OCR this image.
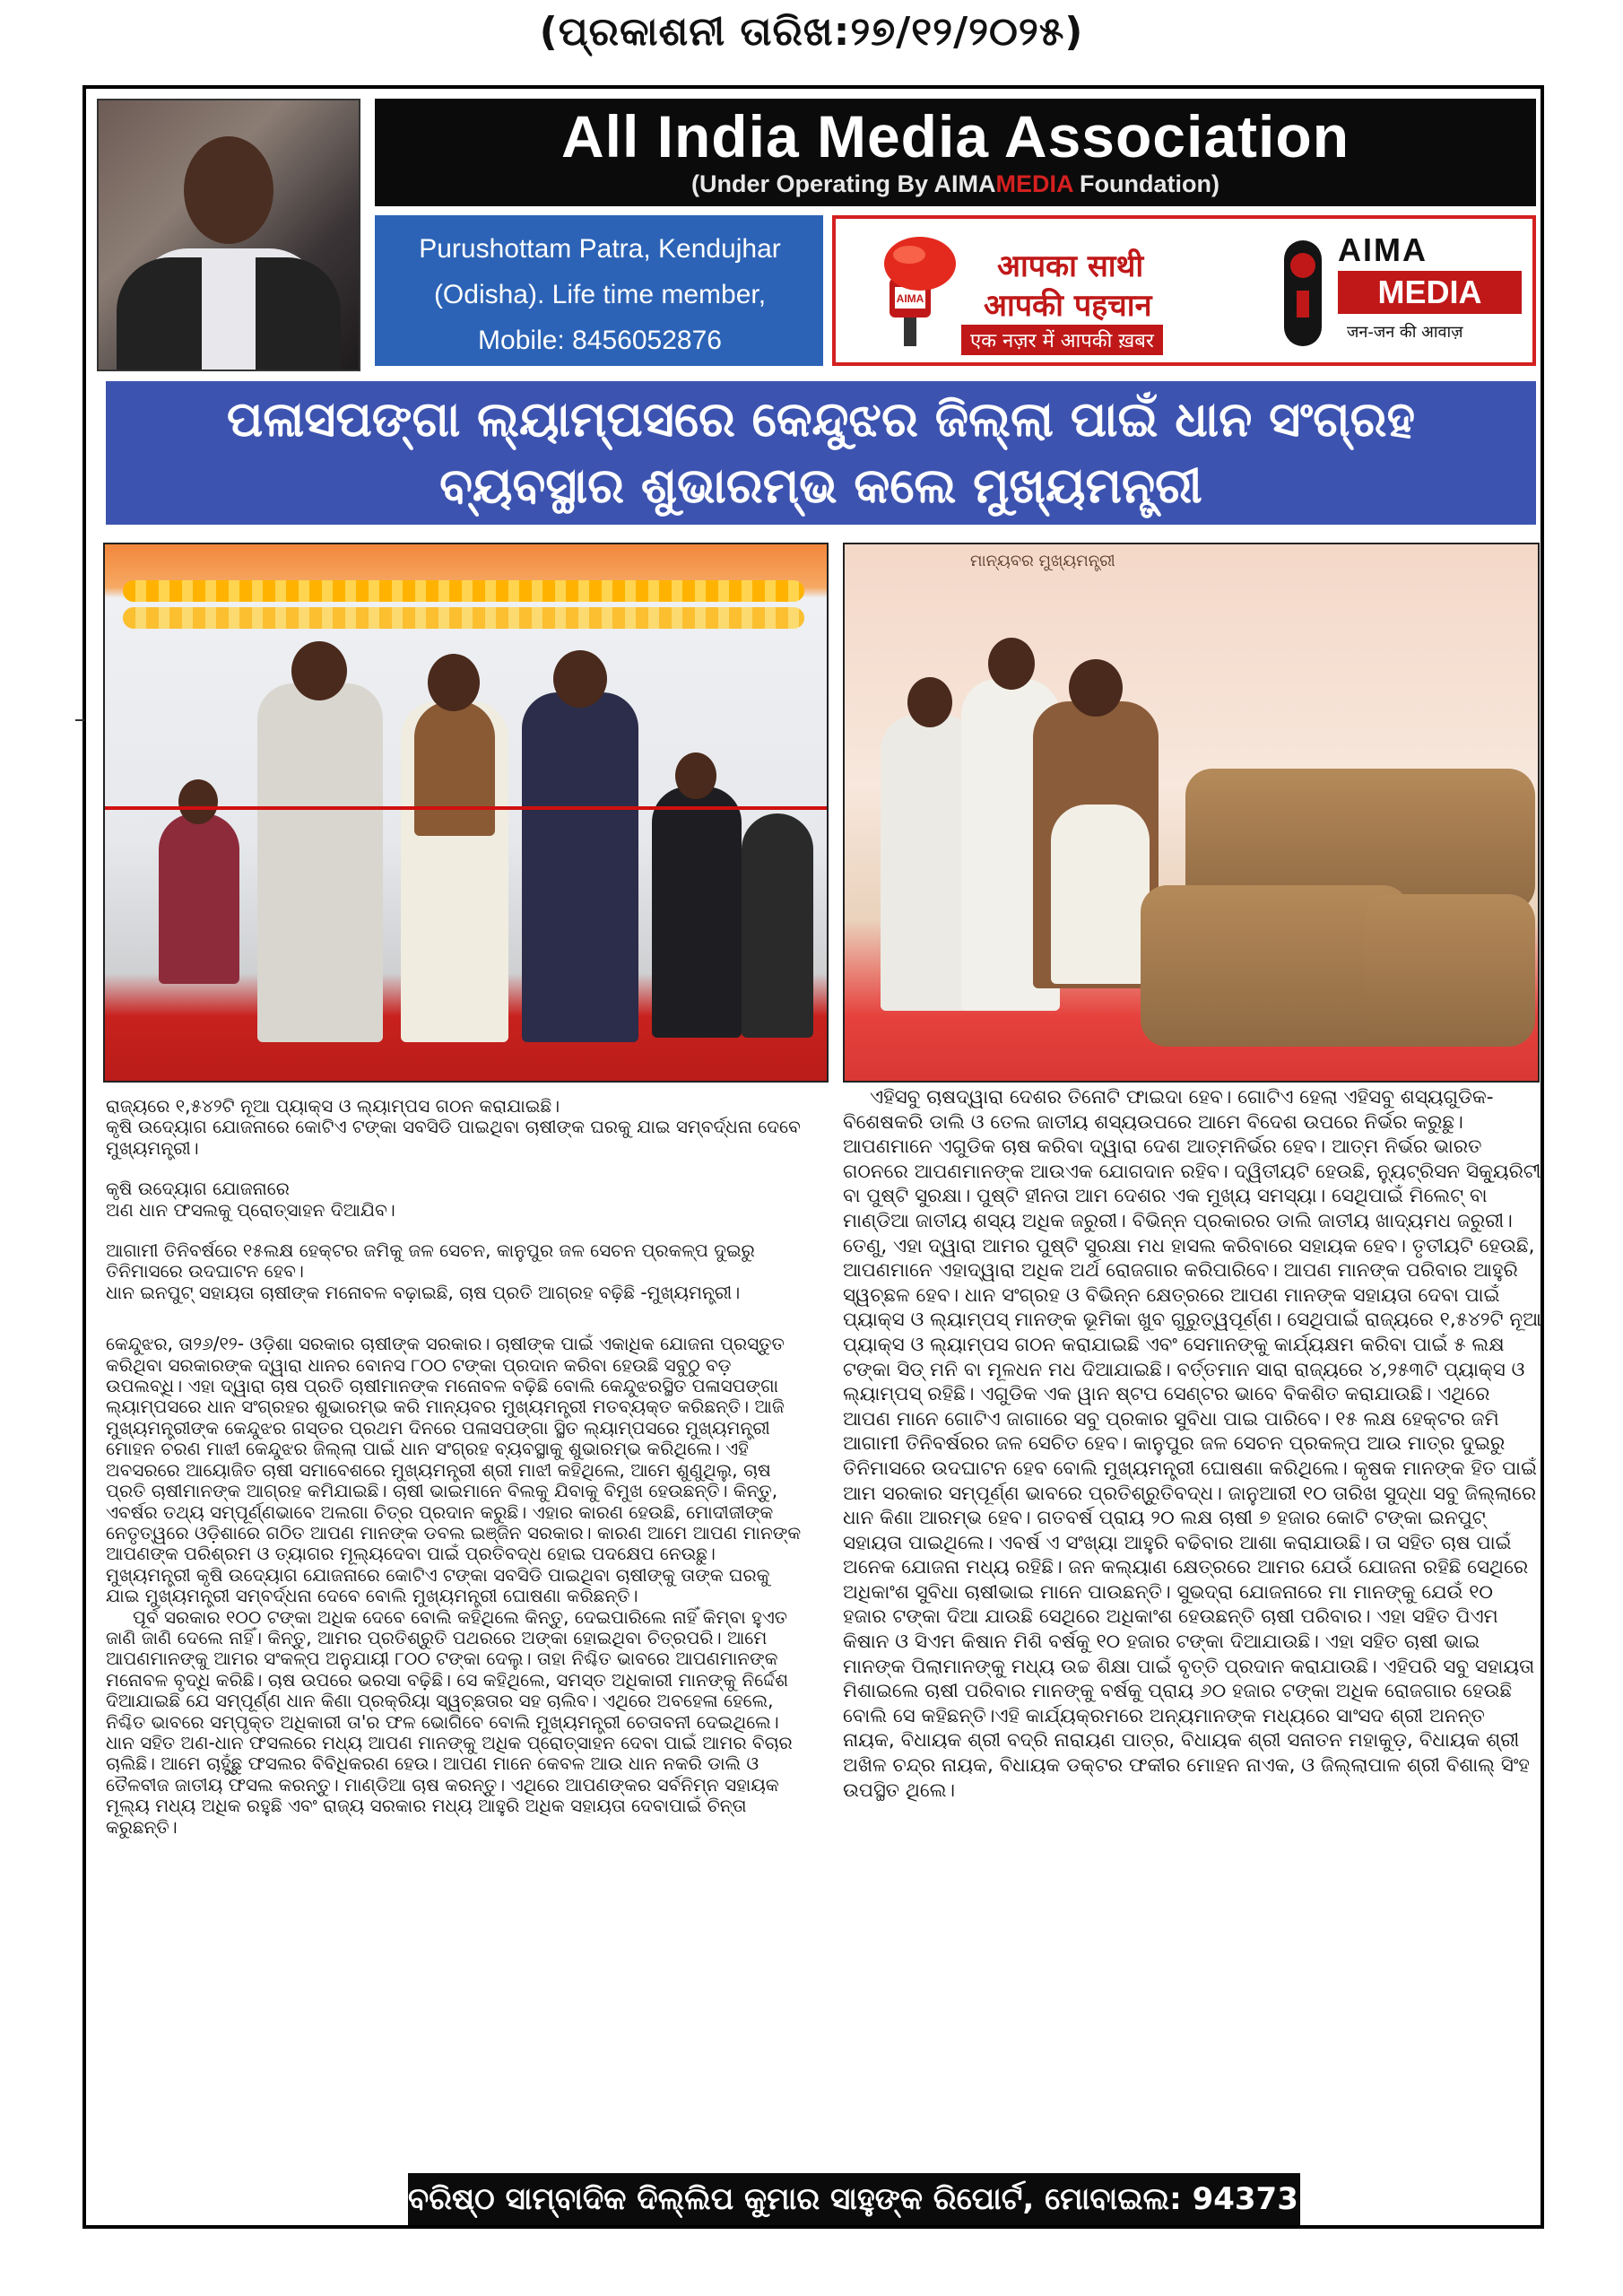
(ପ୍ରକାଶନୀ ତାରିଖ:୨୭/୧୨/୨୦୨୫)
All India Media Association
(Under Operating By AIMAMEDIA Foundation)
Purushottam Patra, Kendujhar
(Odisha). Life time member,
Mobile: 8456052876
AIMA
आपका साथी
आपकी पहचान
एक नज़र में आपकी ख़बर
AIMA
MEDIA
जन-जन की आवाज़
ପଳାସପଙ୍ଗା ଲ୍ୟାମ୍ପସରେ କେନ୍ଦୁଝର ଜିଲ୍ଲା ପାଇଁ ଧାନ ସଂଗ୍ରହ
ବ୍ୟବସ୍ଥାର ଶୁଭାରମ୍ଭ କଲେ ମୁଖ୍ୟମନ୍ତ୍ରୀ
ମାନ୍ୟବର ମୁଖ୍ୟମନ୍ତ୍ରୀ

ରାଜ୍ୟରେ ୧,୫୪୨ଟି ନୂଆ ପ୍ୟାକ୍ସ ଓ ଲ୍ୟାମ୍ପସ ଗଠନ କରାଯାଇଛି।

କୃଷି ଉଦ୍ୟୋଗ ଯୋଜନାରେ କୋଟିଏ ଟଙ୍କା ସବସିଡି ପାଇଥିବା ଚାଷୀଙ୍କ ଘରକୁ ଯାଇ ସମ୍ବର୍ଦ୍ଧନା ଦେବେ ମୁଖ୍ୟମନ୍ତ୍ରୀ।

କୃଷି ଉଦ୍ୟୋଗ ଯୋଜନାରେ

ଅଣ ଧାନ ଫସଲକୁ ପ୍ରୋତ୍ସାହନ ଦିଆଯିବ।

ଆଗାମୀ ତିନିବର୍ଷରେ ୧୫ଲକ୍ଷ ହେକ୍ଟର ଜମିକୁ ଜଳ ସେଚନ, କାନୁପୁର ଜଳ ସେଚନ ପ୍ରକଳ୍ପ ଦୁଇରୁ ତିନିମାସରେ ଉଦଘାଟନ ହେବ।

ଧାନ ଇନପୁଟ୍ ସହାୟତା ଚାଷୀଙ୍କ ମନୋବଳ ବଢ଼ାଇଛି, ଚାଷ ପ୍ରତି ଆଗ୍ରହ ବଢ଼ିଛି -ମୁଖ୍ୟମନ୍ତ୍ରୀ।

କେନ୍ଦୁଝର, ତା୨୬/୧୨- ଓଡ଼ିଶା ସରକାର ଚାଷୀଙ୍କ ସରକାର। ଚାଷୀଙ୍କ ପାଇଁ ଏକାଧିକ ଯୋଜନା ପ୍ରସ୍ତୁତ କରିଥିବା ସରକାରଙ୍କ ଦ୍ୱାରା ଧାନର ବୋନସ ୮୦୦ ଟଙ୍କା ପ୍ରଦାନ କରିବା ହେଉଛି ସବୁଠୁ ବଡ଼ ଉପଲବ୍ଧି। ଏହା ଦ୍ୱାରା ଚାଷ ପ୍ରତି ଚାଷୀମାନଙ୍କ ମନୋବଳ ବଢ଼ିଛି ବୋଲି କେନ୍ଦୁଝରସ୍ଥିତ ପଳାସପଙ୍ଗା ଲ୍ୟାମ୍ପସରେ ଧାନ ସଂଗ୍ରହର ଶୁଭାରମ୍ଭ କରି ମାନ୍ୟବର ମୁଖ୍ୟମନ୍ତ୍ରୀ ମତବ୍ୟକ୍ତ କରିଛନ୍ତି। ଆଜି ମୁଖ୍ୟମନ୍ତ୍ରୀଙ୍କ କେନ୍ଦୁଝର ଗସ୍ତର ପ୍ରଥମ ଦିନରେ ପଳାସପଙ୍ଗା ସ୍ଥିତ ଲ୍ୟାମ୍ପସରେ ମୁଖ୍ୟମନ୍ତ୍ରୀ ମୋହନ ଚରଣ ମାଝୀ କେନ୍ଦୁଝର ଜିଲ୍ଲା ପାଇଁ ଧାନ ସଂଗ୍ରହ ବ୍ୟବସ୍ଥାକୁ ଶୁଭାରମ୍ଭ କରିଥିଲେ। ଏହି ଅବସରରେ ଆୟୋଜିତ ଚାଷୀ ସମାବେଶରେ ମୁଖ୍ୟମନ୍ତ୍ରୀ ଶ୍ରୀ ମାଝୀ କହିଥିଲେ, ଆମେ ଶୁଣୁଥିଲୁ, ଚାଷ ପ୍ରତି ଚାଷୀମାନଙ୍କ ଆଗ୍ରହ କମିଯାଇଛି। ଚାଷୀ ଭାଇମାନେ ବିଲକୁ ଯିବାକୁ ବିମୁଖ ହେଉଛନ୍ତି। କିନ୍ତୁ, ଏବର୍ଷର ତଥ୍ୟ ସମ୍ପୂର୍ଣ୍ଣଭାବେ ଅଲଗା ଚିତ୍ର ପ୍ରଦାନ କରୁଛି। ଏହାର କାରଣ ହେଉଛି, ମୋଦୀଜୀଙ୍କ ନେତୃତ୍ୱରେ ଓଡ଼ିଶାରେ ଗଠିତ ଆପଣ ମାନଙ୍କ ଡବଲ ଇଞ୍ଜିନ ସରକାର। କାରଣ ଆମେ ଆପଣ ମାନଙ୍କ ଆପଣଙ୍କ ପରିଶ୍ରମ ଓ ତ୍ୟାଗର ମୂଲ୍ୟଦେବା ପାଇଁ ପ୍ରତିବଦ୍ଧ ହୋଇ ପଦକ୍ଷେପ ନେଉଛୁ। ମୁଖ୍ୟମନ୍ତ୍ରୀ କୃଷି ଉଦ୍ୟୋଗ ଯୋଜନାରେ କୋଟିଏ ଟଙ୍କା ସବସିଡି ପାଇଥିବା ଚାଷୀଙ୍କୁ ତାଙ୍କ ଘରକୁ ଯାଇ ମୁଖ୍ୟମନ୍ତ୍ରୀ ସମ୍ବର୍ଦ୍ଧନା ଦେବେ ବୋଲି ମୁଖ୍ୟମନ୍ତ୍ରୀ ଘୋଷଣା କରିଛନ୍ତି।

ପୂର୍ବ ସରକାର ୧୦୦ ଟଙ୍କା ଅଧିକ ଦେବେ ବୋଲି କହିଥିଲେ କିନ୍ତୁ, ଦେଇପାରିଲେ ନାହିଁ କିମ୍ବା ହୁଏତ ଜାଣି ଜାଣି ଦେଲେ ନାହିଁ। କିନ୍ତୁ, ଆମର ପ୍ରତିଶ୍ରୁତି ପଥରରେ ଅଙ୍କା ହୋଇଥିବା ଚିତ୍ରପରି। ଆମେ ଆପଣମାନଙ୍କୁ ଆମର ସଂକଳ୍ପ ଅନୁଯାୟୀ ୮୦୦ ଟଙ୍କା ଦେଲୁ। ତାହା ନିଶ୍ଚିତ ଭାବରେ ଆପଣମାନଙ୍କ ମନୋବଳ ବୃଦ୍ଧି କରିଛି। ଚାଷ ଉପରେ ଭରସା ବଢ଼ିଛି। ସେ କହିଥିଲେ, ସମସ୍ତ ଅଧିକାରୀ ମାନଙ୍କୁ ନିର୍ଦ୍ଦେଶ ଦିଆଯାଇଛି ଯେ ସମ୍ପୂର୍ଣ୍ଣ ଧାନ କିଣା ପ୍ରକ୍ରିୟା ସ୍ୱଚ୍ଛତାର ସହ ଚାଲିବ। ଏଥିରେ ଅବହେଳା ହେଲେ, ନିଶ୍ଚିତ ଭାବରେ ସମ୍ପୃକ୍ତ ଅଧିକାରୀ ତା'ର ଫଳ ଭୋଗିବେ ବୋଲି ମୁଖ୍ୟମନ୍ତ୍ରୀ ଚେତାବନୀ ଦେଇଥିଲେ। ଧାନ ସହିତ ଅଣ-ଧାନ ଫସଲରେ ମଧ୍ୟ ଆପଣ ମାନଙ୍କୁ ଅଧିକ ପ୍ରୋତ୍ସାହନ ଦେବା ପାଇଁ ଆମର ବିଚାର ଚାଲିଛି। ଆମେ ଚାହୁଁଛୁ ଫସଲର ବିବିଧିକରଣ ହେଉ। ଆପଣ ମାନେ କେବଳ ଆଉ ଧାନ ନକରି ଡାଲି ଓ ତୈଳବୀଜ ଜାତୀୟ ଫସଲ କରନ୍ତୁ। ମାଣ୍ଡିଆ ଚାଷ କରନ୍ତୁ। ଏଥିରେ ଆପଣଙ୍କର ସର୍ବନିମ୍ନ ସହାୟକ ମୂଲ୍ୟ ମଧ୍ୟ ଅଧିକ ରହୁଛି ଏବଂ ରାଜ୍ୟ ସରକାର ମଧ୍ୟ ଆହୁରି ଅଧିକ ସହାୟତା ଦେବାପାଇଁ ଚିନ୍ତା କରୁଛନ୍ତି।

ଏହିସବୁ ଚାଷଦ୍ୱାରା ଦେଶର ତିନୋଟି ଫାଇଦା ହେବ। ଗୋଟିଏ ହେଲା ଏହିସବୁ ଶସ୍ୟଗୁଡିକ- ବିଶେଷକରି ଡାଲି ଓ ତେଲ ଜାତୀୟ ଶସ୍ୟଉପରେ ଆମେ ବିଦେଶ ଉପରେ ନିର୍ଭର କରୁଛୁ। ଆପଣମାନେ ଏଗୁଡିକ ଚାଷ କରିବା ଦ୍ୱାରା ଦେଶ ଆତ୍ମନିର୍ଭର ହେବ। ଆତ୍ମ ନିର୍ଭର ଭାରତ ଗଠନରେ ଆପଣମାନଙ୍କ ଆଉଏକ ଯୋଗଦାନ ରହିବ। ଦ୍ୱିତୀୟଟି ହେଉଛି, ନ୍ୟୁଟ୍ରିସନ ସିକ୍ୟୁରିଟୀ ବା ପୁଷ୍ଟି ସୁରକ୍ଷା। ପୁଷ୍ଟି ହୀନତା ଆମ ଦେଶର ଏକ ମୁଖ୍ୟ ସମସ୍ୟା। ସେଥିପାଇଁ ମିଲେଟ୍ ବା ମାଣ୍ଡିଆ ଜାତୀୟ ଶସ୍ୟ ଅଧିକ ଜରୁରୀ। ବିଭିନ୍ନ ପ୍ରକାରର ଡାଲି ଜାତୀୟ ଖାଦ୍ୟମଧ ଜରୁରୀ। ତେଣୁ, ଏହା ଦ୍ୱାରା ଆମର ପୁଷ୍ଟି ସୁରକ୍ଷା ମଧ ହାସଲ କରିବାରେ ସହାୟକ ହେବ। ତୃତୀୟଟି ହେଉଛି, ଆପଣମାନେ ଏହାଦ୍ୱାରା ଅଧିକ ଅର୍ଥ ରୋଜଗାର କରିପାରିବେ। ଆପଣ ମାନଙ୍କ ପରିବାର ଆହୁରି ସ୍ୱଚ୍ଛଳ ହେବ। ଧାନ ସଂଗ୍ରହ ଓ ବିଭିନ୍ନ କ୍ଷେତ୍ରରେ ଆପଣ ମାନଙ୍କ ସହାୟତା ଦେବା ପାଇଁ ପ୍ୟାକ୍ସ ଓ ଲ୍ୟାମ୍ପସ୍ ମାନଙ୍କ ଭୂମିକା ଖୁବ ଗୁରୁତ୍ୱପୂର୍ଣ୍ଣ। ସେଥିପାଇଁ ରାଜ୍ୟରେ ୧,୫୪୨ଟି ନୂଆ ପ୍ୟାକ୍ସ ଓ ଲ୍ୟାମ୍ପସ ଗଠନ କରାଯାଇଛି ଏବଂ ସେମାନଙ୍କୁ କାର୍ଯ୍ୟକ୍ଷମ କରିବା ପାଇଁ ୫ ଲକ୍ଷ ଟଙ୍କା ସିଡ୍ ମନି ବା ମୂଳଧନ ମଧ ଦିଆଯାଇଛି। ବର୍ତ୍ତମାନ ସାରା ରାଜ୍ୟରେ ୪,୨୫୩ଟି ପ୍ୟାକ୍ସ ଓ ଲ୍ୟାମ୍ପସ୍ ରହିଛି। ଏଗୁଡିକ ଏକ ୱାନ ଷ୍ଟପ ସେଣ୍ଟର ଭାବେ ବିକଶିତ କରାଯାଉଛି। ଏଥିରେ ଆପଣ ମାନେ ଗୋଟିଏ ଜାଗାରେ ସବୁ ପ୍ରକାର ସୁବିଧା ପାଇ ପାରିବେ। ୧୫ ଲକ୍ଷ ହେକ୍ଟର ଜମି ଆଗାମୀ ତିନିବର୍ଷରର ଜଳ ସେଚିତ ହେବ। କାନୁପୁର ଜଳ ସେଚନ ପ୍ରକଳ୍ପ ଆଉ ମାତ୍ର ଦୁଇରୁ ତିନିମାସରେ ଉଦଘାଟନ ହେବ ବୋଲି ମୁଖ୍ୟମନ୍ତ୍ରୀ ଘୋଷଣା କରିଥିଲେ। କୃଷକ ମାନଙ୍କ ହିତ ପାଇଁ ଆମ ସରକାର ସମ୍ପୂର୍ଣ୍ଣ ଭାବରେ ପ୍ରତିଶ୍ରୁତିବଦ୍ଧ। ଜାନୁଆରୀ ୧୦ ତାରିଖ ସୁଦ୍ଧା ସବୁ ଜିଲ୍ଲାରେ ଧାନ କିଣା ଆରମ୍ଭ ହେବ। ଗତବର୍ଷ ପ୍ରାୟ ୨୦ ଲକ୍ଷ ଚାଷୀ ୭ ହଜାର କୋଟି ଟଙ୍କା ଇନପୁଟ୍ ସହାୟତା ପାଇଥିଲେ। ଏବର୍ଷ ଏ ସଂଖ୍ୟା ଆହୁରି ବଢିବାର ଆଶା କରାଯାଉଛି। ତା ସହିତ ଚାଷ ପାଇଁ ଅନେକ ଯୋଜନା ମଧ୍ୟ ରହିଛି। ଜନ କଲ୍ୟାଣ କ୍ଷେତ୍ରରେ ଆମର ଯେଉଁ ଯୋଜନା ରହିଛି ସେଥିରେ ଅଧିକାଂଶ ସୁବିଧା ଚାଷୀଭାଇ ମାନେ ପାଉଛନ୍ତି। ସୁଭଦ୍ରା ଯୋଜନାରେ ମା ମାନଙ୍କୁ ଯେଉଁ ୧୦ ହଜାର ଟଙ୍କା ଦିଆ ଯାଉଛି ସେଥିରେ ଅଧିକାଂଶ ହେଉଛନ୍ତି ଚାଷୀ ପରିବାର। ଏହା ସହିତ ପିଏମ କିଷାନ ଓ ସିଏମ କିଷାନ ମିଶି ବର୍ଷକୁ ୧୦ ହଜାର ଟଙ୍କା ଦିଆଯାଉଛି। ଏହା ସହିତ ଚାଷୀ ଭାଇ ମାନଙ୍କ ପିଲାମାନଙ୍କୁ ମଧ୍ୟ ଉଚ୍ଚ ଶିକ୍ଷା ପାଇଁ ବୃତ୍ତି ପ୍ରଦାନ କରାଯାଉଛି। ଏହିପରି ସବୁ ସହାୟତା ମିଶାଇଲେ ଚାଷୀ ପରିବାର ମାନଙ୍କୁ ବର୍ଷକୁ ପ୍ରାୟ ୬୦ ହଜାର ଟଙ୍କା ଅଧିକ ରୋଜଗାର ହେଉଛି ବୋଲି ସେ କହିଛନ୍ତି।ଏହି କାର୍ଯ୍ୟକ୍ରମରେ ଅନ୍ୟମାନଙ୍କ ମଧ୍ୟରେ ସାଂସଦ ଶ୍ରୀ ଅନନ୍ତ ନାୟକ, ବିଧାୟକ ଶ୍ରୀ ବଦ୍ରି ନାରାୟଣ ପାତ୍ର, ବିଧାୟକ ଶ୍ରୀ ସନାତନ ମହାକୁଡ଼, ବିଧାୟକ ଶ୍ରୀ ଅଖିଳ ଚନ୍ଦ୍ର ନାୟକ, ବିଧାୟକ ଡକ୍ଟର ଫକୀର ମୋହନ ନାଏକ, ଓ ଜିଲ୍ଲାପାଳ ଶ୍ରୀ ବିଶାଲ୍ ସିଂହ ଉପସ୍ଥିତ ଥିଲେ।

ବରିଷ୍ଠ ସାମ୍ବାଦିକ ଦିଲ୍ଲିପ କୁମାର ସାହୁଙ୍କ ରିପୋର୍ଟ, ମୋବାଇଲ: 94373 78792
